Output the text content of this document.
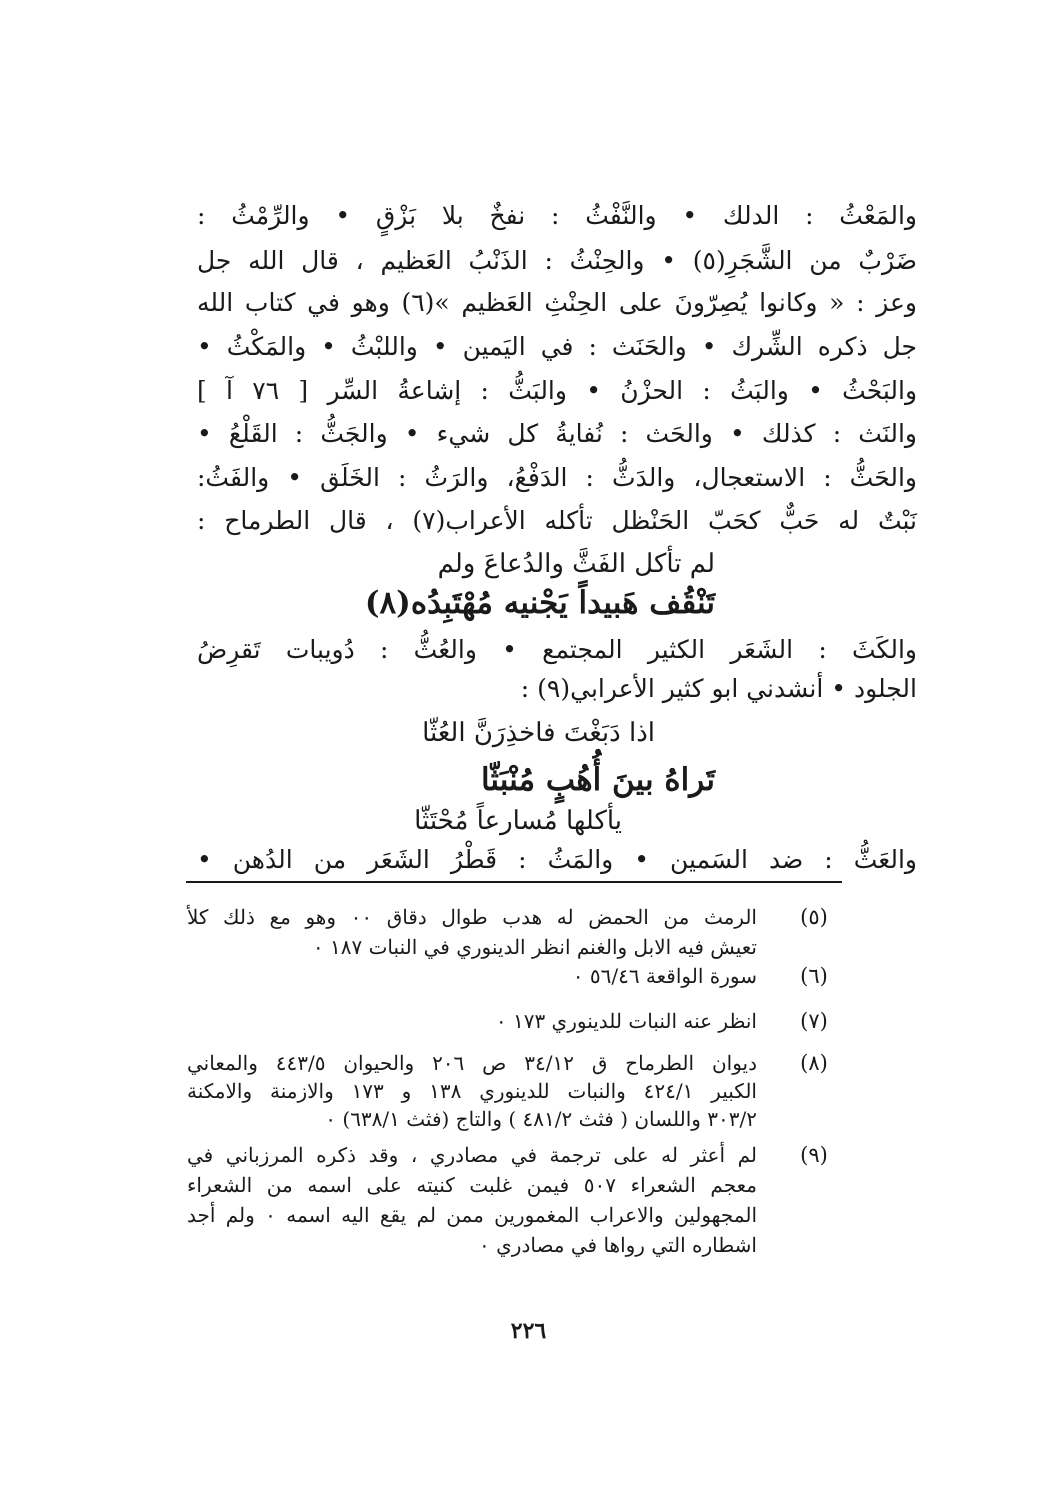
والمَعْثُ : الدلك • والنَّفْثُ : نفخٌ بلا بَزْقٍ • والرِّمْثُ :
ضَرْبٌ من الشَّجَرِ(٥) • والحِنْثُ : الذَنْبُ العَظيم ، قال الله جل
وعز : « وكانوا يُصِرّونَ على الحِنْثِ العَظيم »(٦) وهو في كتاب الله
جل ذكره الشِّرك • والحَنَث : في اليَمين • واللبْثُ • والمَكْثُ •
والبَحْثُ • والبَثُ : الحزْنُ • والبَثُّ : إشاعةُ السِّر [ ٧٦ آ ]
والنَث : كذلك • والحَث : نُفايةُ كل شيء • والجَثُّ : القَلْعُ •
والحَثُّ : الاستعجال، والدَثُّ : الدَفْعُ، والرَثُ : الخَلَق • والفَثُ:
نَبْتٌ له حَبٌّ كحَبّ الحَنْظل تأكله الأعراب(٧) ، قال الطرماح :
لم تأكل الفَثَّ والدُعاعَ ولم
تَنْقُف هَبيداً يَجْنيه مُهْتَبِدُه(٨)
والكَثَ : الشَعَر الكثير المجتمع • والعُثُّ : دُويبات تَقرِضُ
الجلود • أنشدني ابو كثير الأعرابي(٩) :
اذا دَبَغْتَ فاخذِرَنَّ العُثّا
تَراهُ بينَ أُهُبٍ مُنْبَثّا
يأكلها مُسارعاً مُحْتَثّا
والعَثُّ : ضد السَمين • والمَثُ : قَطْرُ الشَعَر من الدُهن •
(٥)
الرمث من الحمض له هدب طوال دقاق ٠٠ وهو مع ذلك كلأ
تعيش فيه الابل والغنم انظر الدينوري في النبات ١٨٧ ٠
(٦)
سورة الواقعة ٥٦/٤٦ ٠
(٧)
انظر عنه النبات للدينوري ١٧٣ ٠
(٨)
ديوان الطرماح ق ٣٤/١٢ ص ٢٠٦ والحيوان ٤٤٣/٥ والمعاني
الكبير ٤٢٤/١ والنبات للدينوري ١٣٨ و ١٧٣ والازمنة والامكنة
٣٠٣/٢ واللسان ( فثث ٤٨١/٢ ) والتاج (فثث ٦٣٨/١) ٠
(٩)
لم أعثر له على ترجمة في مصادري ، وقد ذكره المرزباني في
معجم الشعراء ٥٠٧ فيمن غلبت كنيته على اسمه من الشعراء
المجهولين والاعراب المغمورين ممن لم يقع اليه اسمه ٠ ولم أجد
اشطاره التي رواها في مصادري ٠
٢٢٦
